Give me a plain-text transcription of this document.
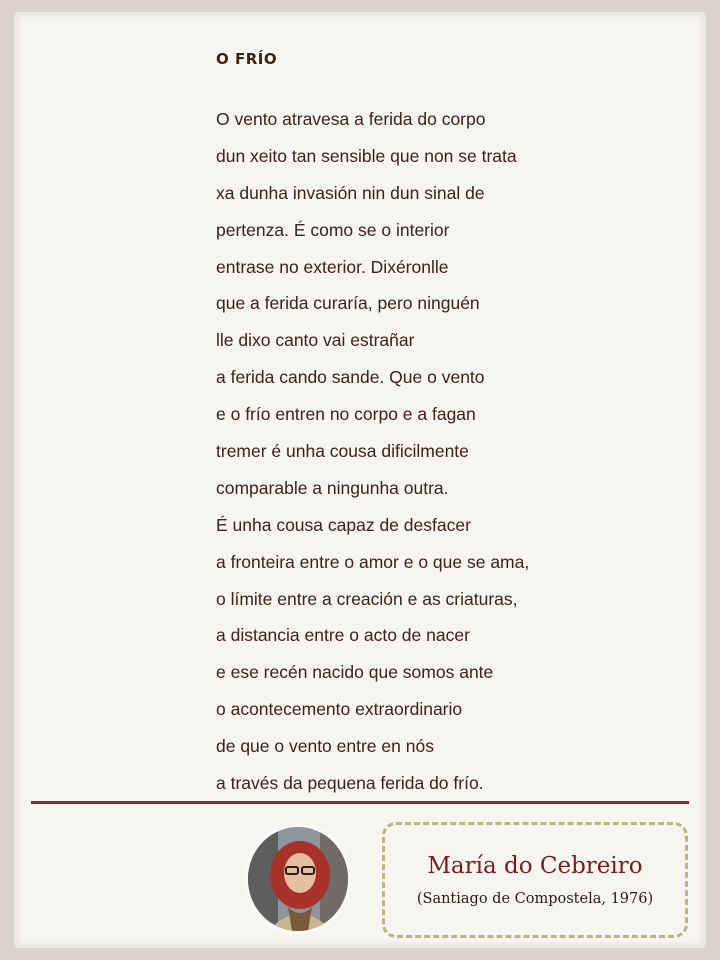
O FRÍO
O vento atravesa a ferida do corpo
dun xeito tan sensible que non se trata
xa dunha invasión nin dun sinal de
pertenza. É como se o interior
entrase no exterior. Dixéronlle
que a ferida curaría, pero ninguén
lle dixo canto vai estrañar
a ferida cando sande. Que o vento
e o frío entren no corpo e a fagan
tremer é unha cousa dificilmente
comparable a ningunha outra.
É unha cousa capaz de desfacer
a fronteira entre o amor e o que se ama,
o límite entre a creación e as criaturas,
a distancia entre o acto de nacer
e ese recén nacido que somos ante
o acontecemento extraordinario
de que o vento entre en nós
a través da pequena ferida do frío.
María do Cebreiro
(Santiago de Compostela, 1976)
